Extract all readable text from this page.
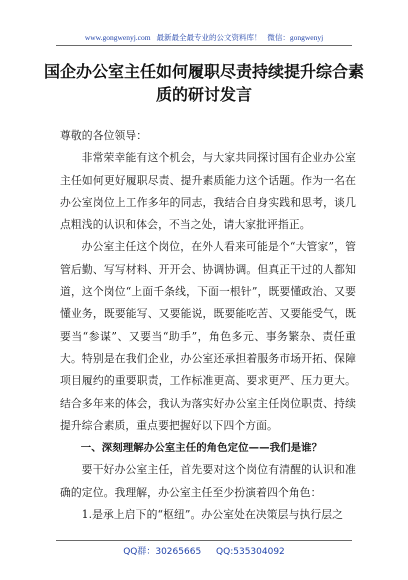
www.gongwenyj.com 最新最全最专业的公文资料库！ 微信：gongwenyj
国企办公室主任如何履职尽责持续提升综合素质的研讨发言

尊敬的各位领导：

非常荣幸能有这个机会，与大家共同探讨国有企业办公室主任如何更好履职尽责、提升素质能力这个话题。作为一名在办公室岗位上工作多年的同志，我结合自身实践和思考，谈几点粗浅的认识和体会，不当之处，请大家批评指正。

办公室主任这个岗位，在外人看来可能是个“大管家”，管管后勤、写写材料、开开会、协调协调。但真正干过的人都知道，这个岗位“上面千条线，下面一根针”，既要懂政治、又要懂业务，既要能写、又要能说，既要能吃苦、又要能受气，既要当“参谋”、又要当“助手”，角色多元、事务繁杂、责任重大。特别是在我们企业，办公室还承担着服务市场开拓、保障项目履约的重要职责，工作标准更高、要求更严、压力更大。结合多年来的体会，我认为落实好办公室主任岗位职责、持续提升综合素质，重点要把握好以下四个方面。

一、深刻理解办公室主任的角色定位——我们是谁？

要干好办公室主任，首先要对这个岗位有清醒的认识和准确的定位。我理解，办公室主任至少扮演着四个角色：

1.是承上启下的“枢纽”。办公室处在决策层与执行层之

QQ群：30265665 QQ:535304092
